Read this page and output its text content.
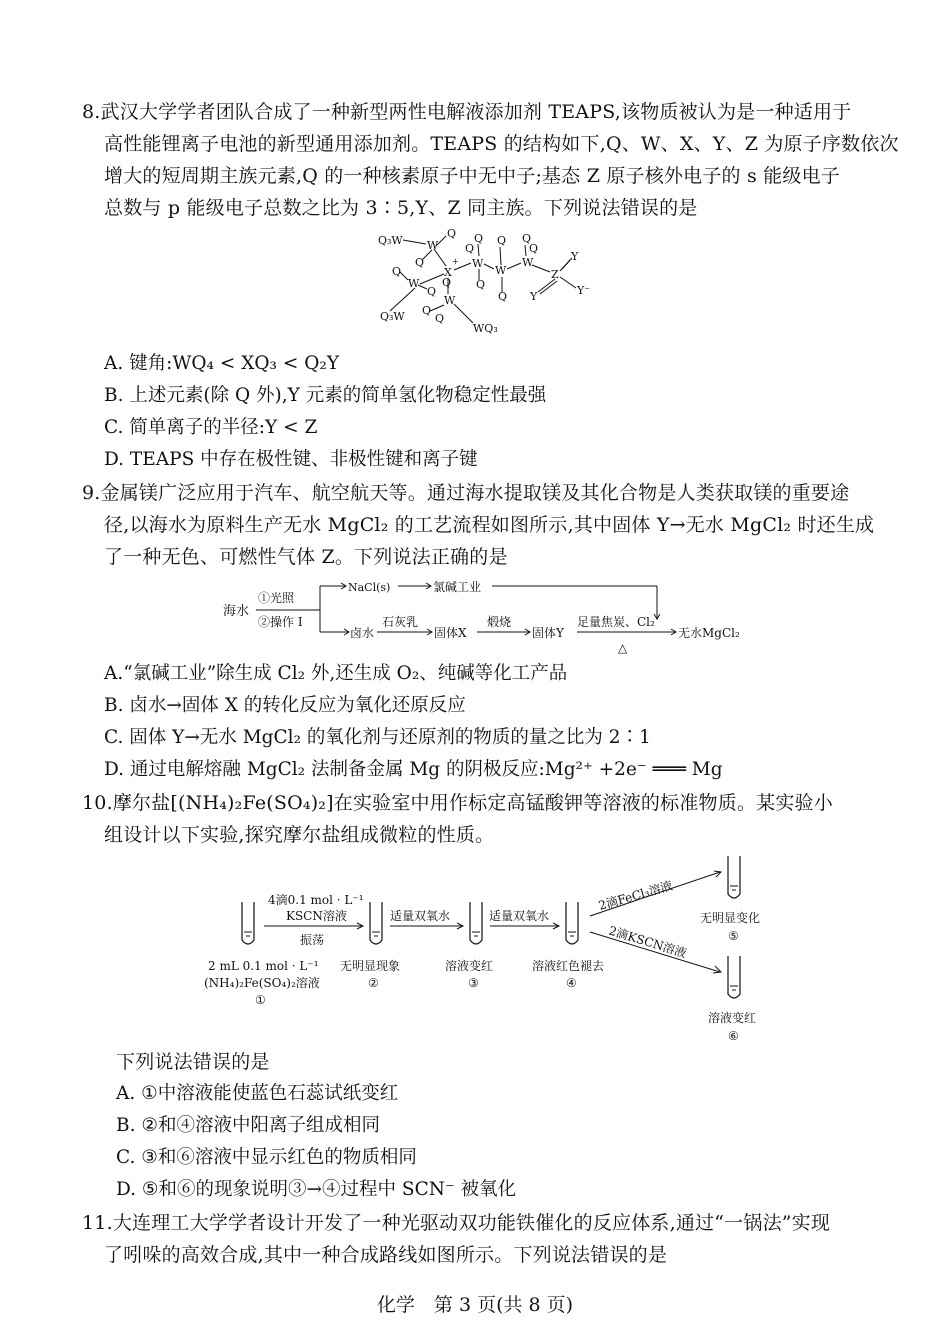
8.武汉大学学者团队合成了一种新型两性电解液添加剂 TEAPS,该物质被认为是一种适用于
高性能锂离子电池的新型通用添加剂。TEAPS 的结构如下,Q、W、X、Y、Z 为原子序数依次
增大的短周期主族元素,Q 的一种核素原子中无中子;基态 Z 原子核外电子的 s 能级电子
总数与 p 能级电子总数之比为 3∶5,Y、Z 同主族。下列说法错误的是
Q₃W W
Q
Q
X
+ W
Q
Q
W
Q
Q
W
Q
Z
Y
Y	Y⁻
Q
W
Q
Q₃W Q
W
WQ₃
Q
Q
Q	Q
A. 键角:WQ₄ < XQ₃ < Q₂Y
B. 上述元素(除 Q 外),Y 元素的简单氢化物稳定性最强
C. 简单离子的半径:Y < Z
D. TEAPS 中存在极性键、非极性键和离子键
9.金属镁广泛应用于汽车、航空航天等。通过海水提取镁及其化合物是人类获取镁的重要途
径,以海水为原料生产无水 MgCl₂ 的工艺流程如图所示,其中固体 Y→无水 MgCl₂ 时还生成
了一种无色、可燃性气体 Z。下列说法正确的是
海水
①光照
②操作 I
NaCl(s)	氯碱工业
卤水
石灰乳
固体X
煅烧
固体Y
足量焦炭、Cl₂
△
无水MgCl₂
A.“氯碱工业”除生成 Cl₂ 外,还生成 O₂、纯碱等化工产品
B. 卤水→固体 X 的转化反应为氧化还原反应
C. 固体 Y→无水 MgCl₂ 的氧化剂与还原剂的物质的量之比为 2∶1
D. 通过电解熔融 MgCl₂ 法制备金属 Mg 的阴极反应:Mg²⁺ +2e⁻ ═══ Mg
10.摩尔盐[(NH₄)₂Fe(SO₄)₂]在实验室中用作标定高锰酸钾等溶液的标准物质。某实验小
组设计以下实验,探究摩尔盐组成微粒的性质。
4滴0.1 mol · L⁻¹
KSCN溶液
振荡
适量双氧水	适量双氧水
2滴FeCl₃溶液
2滴KSCN溶液
2 mL 0.1 mol · L⁻¹
(NH₄)₂Fe(SO₄)₂溶液
①
无明显现象
②
溶液变红
③
溶液红色褪去
④
无明显变化
⑤
溶液变红
⑥
下列说法错误的是
A. ①中溶液能使蓝色石蕊试纸变红
B. ②和④溶液中阳离子组成相同
C. ③和⑥溶液中显示红色的物质相同
D. ⑤和⑥的现象说明③→④过程中 SCN⁻ 被氧化
11.大连理工大学学者设计开发了一种光驱动双功能铁催化的反应体系,通过“一锅法”实现
了吲哚的高效合成,其中一种合成路线如图所示。下列说法错误的是
化学　第 3 页(共 8 页)
